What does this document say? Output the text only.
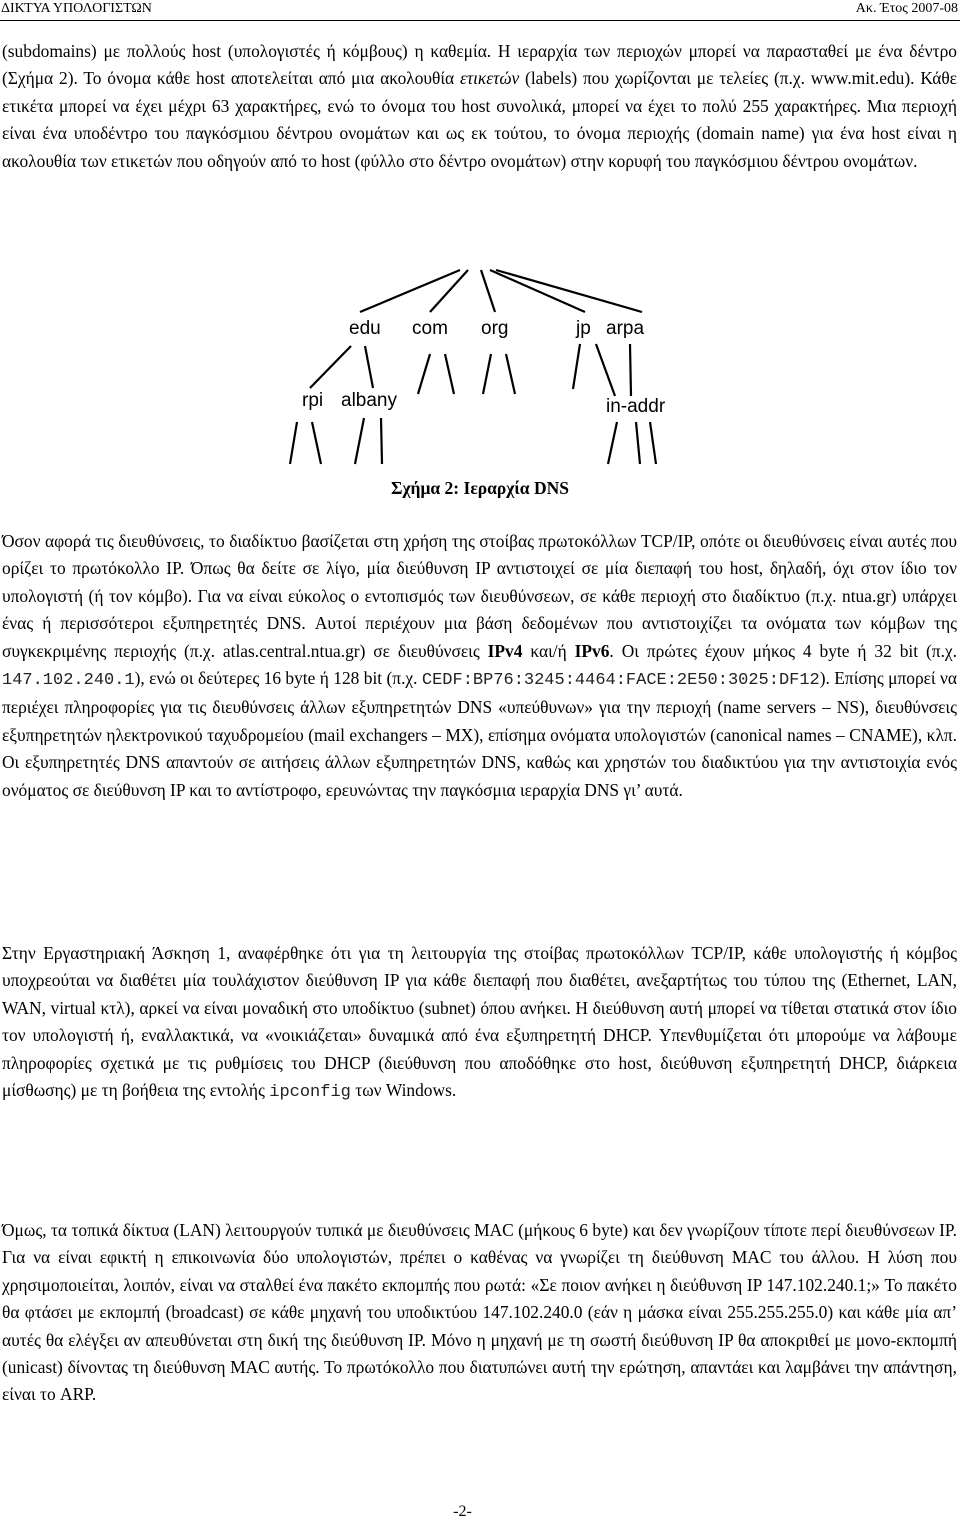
ΔΙΚΤΥΑ ΥΠΟΛΟΓΙΣΤΩΝ	Ακ. Έτος 2007-08

(subdomains) με πολλούς host (υπολογιστές ή κόμβους) η καθεμία. Η ιεραρχία των περιοχών μπορεί να παρασταθεί με ένα δέντρο (Σχήμα 2). Το όνομα κάθε host αποτελείται από μια ακολουθία ετικετών (labels) που χωρίζονται με τελείες (π.χ. www.mit.edu). Κάθε ετικέτα μπορεί να έχει μέχρι 63 χαρακτήρες, ενώ το όνομα του host συνολικά, μπορεί να έχει το πολύ 255 χαρακτήρες. Μια περιοχή είναι ένα υποδέντρο του παγκόσμιου δέντρου ονομάτων και ως εκ τούτου, το όνομα περιοχής (domain name) για ένα host είναι η ακολουθία των ετικετών που οδηγούν από το host (φύλλο στο δέντρο ονομάτων) στην κορυφή του παγκόσμιου δέντρου ονομάτων.

edu com org	jp arpa
rpi albany	in-addr
Σχήμα 2: Ιεραρχία DNS

Όσον αφορά τις διευθύνσεις, το διαδίκτυο βασίζεται στη χρήση της στοίβας πρωτοκόλλων TCP/IP, οπότε οι διευθύνσεις είναι αυτές που ορίζει το πρωτόκολλο IP. Όπως θα δείτε σε λίγο, μία διεύθυνση IP αντιστοιχεί σε μία διεπαφή του host, δηλαδή, όχι στον ίδιο τον υπολογιστή (ή τον κόμβο). Για να είναι εύκολος ο εντοπισμός των διευθύνσεων, σε κάθε περιοχή στο διαδίκτυο (π.χ. ntua.gr) υπάρχει ένας ή περισσότεροι εξυπηρετητές DNS. Αυτοί περιέχουν μια βάση δεδομένων που αντιστοιχίζει τα ονόματα των κόμβων της συγκεκριμένης περιοχής (π.χ. atlas.central.ntua.gr) σε διευθύνσεις IPv4 και/ή IPv6. Οι πρώτες έχουν μήκος 4 byte ή 32 bit (π.χ. 147.102.240.1), ενώ οι δεύτερες 16 byte ή 128 bit (π.χ. CEDF:BP76:3245:4464:FACE:2E50:3025:DF12). Επίσης μπορεί να περιέχει πληροφορίες για τις διευθύνσεις άλλων εξυπηρετητών DNS «υπεύθυνων» για την περιοχή (name servers – NS), διευθύνσεις εξυπηρετητών ηλεκτρονικού ταχυδρομείου (mail exchangers – MX), επίσημα ονόματα υπολογιστών (canonical names – CNAME), κλπ. Οι εξυπηρετητές DNS απαντούν σε αιτήσεις άλλων εξυπηρετητών DNS, καθώς και χρηστών του διαδικτύου για την αντιστοιχία ενός ονόματος σε διεύθυνση IP και το αντίστροφο, ερευνώντας την παγκόσμια ιεραρχία DNS γι’ αυτά.

Στην Εργαστηριακή Άσκηση 1, αναφέρθηκε ότι για τη λειτουργία της στοίβας πρωτοκόλλων TCP/IP, κάθε υπολογιστής ή κόμβος υποχρεούται να διαθέτει μία τουλάχιστον διεύθυνση IP για κάθε διεπαφή που διαθέτει, ανεξαρτήτως του τύπου της (Ethernet, LAN, WAN, virtual κτλ), αρκεί να είναι μοναδική στο υποδίκτυο (subnet) όπου ανήκει. Η διεύθυνση αυτή μπορεί να τίθεται στατικά στον ίδιο τον υπολογιστή ή, εναλλακτικά, να «νοικιάζεται» δυναμικά από ένα εξυπηρετητή DHCP. Υπενθυμίζεται ότι μπορούμε να λάβουμε πληροφορίες σχετικά με τις ρυθμίσεις του DHCP (διεύθυνση που αποδόθηκε στο host, διεύθυνση εξυπηρετητή DHCP, διάρκεια μίσθωσης) με τη βοήθεια της εντολής ipconfig των Windows.

Όμως, τα τοπικά δίκτυα (LAN) λειτουργούν τυπικά με διευθύνσεις MAC (μήκους 6 byte) και δεν γνωρίζουν τίποτε περί διευθύνσεων IP. Για να είναι εφικτή η επικοινωνία δύο υπολογιστών, πρέπει ο καθένας να γνωρίζει τη διεύθυνση MAC του άλλου. Η λύση που χρησιμοποιείται, λοιπόν, είναι να σταλθεί ένα πακέτο εκπομπής που ρωτά: «Σε ποιον ανήκει η διεύθυνση IP 147.102.240.1;» Το πακέτο θα φτάσει με εκπομπή (broadcast) σε κάθε μηχανή του υποδικτύου 147.102.240.0 (εάν η μάσκα είναι 255.255.255.0) και κάθε μία απ’ αυτές θα ελέγξει αν απευθύνεται στη δική της διεύθυνση IP. Μόνο η μηχανή με τη σωστή διεύθυνση IP θα αποκριθεί με μονο-εκπομπή (unicast) δίνοντας τη διεύθυνση MAC αυτής. Το πρωτόκολλο που διατυπώνει αυτή την ερώτηση, απαντάει και λαμβάνει την απάντηση, είναι το ARP.

-2-
